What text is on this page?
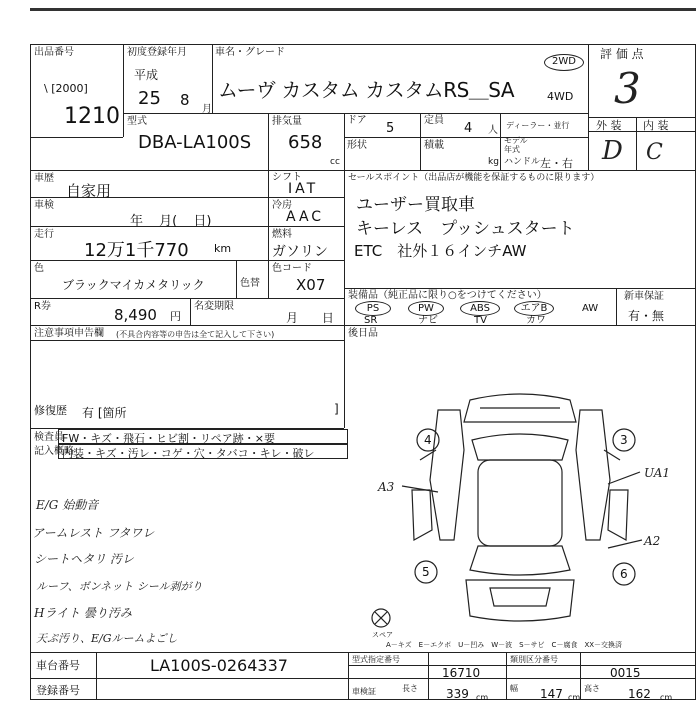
出品番号
\ [2000]
1210
初度登録年月
平成
25 8
月
車名・グレード
ムーヴ カスタム カスタムRS＿SA
2WD
4WD
評 価 点
3
外 装 内 装
D C
型式
DBA-LA100S
排気量
658
cc
ドア
5
定員
4 人
形状	積載
kg
ディーラー・並行
モデル年式
ハンドル 左・右
車歴
自家用
車検
年 月( 日)
走行
12万1千770 km
色
ブラックマイカメタリック	色替
R券	8,490 円
名変期限
月 日
シフト
IAT
冷房
AAC
燃料
ガソリン
色コード
X07
セールスポイント（出品店が機能を保証するものに限ります）
ユーザー買取車
キーレス　プッシュスタート
ETC　社外１６インチAW
装備品（純正品に限り○をつけてください）
PS	PW	ABS	エアB	AW
SR	ナビ	TV	カワ
新車保証
有・無
注意事項申告欄 (不具合内容等の申告は全て記入して下さい)	後日品
修復歴 有 [箇所	]
検査員
記入概略
FW・キズ・飛石・ヒビ割・リペア跡・×要
内装・キズ・汚レ・コゲ・穴・タバコ・キレ・破レ
E/G 始動音
アームレスト フタワレ
シートヘタリ 汚レ
ルーフ、ボンネット シール剥がり
Hライト 曇り汚み
天ぷ汚り、E/Gルームよごし
4	3
5	6
A3
UA1
A2
スペア
A－キズ　E－エクボ　U－凹み　W－波　S－サビ　C－腐食　XX－交換済
車台番号	LA100S-0264337
登録番号
型式指定番号
16710
類別区分番号
0015
車検証	長さ 339 cm
幅 147 cm
高さ 162 cm
